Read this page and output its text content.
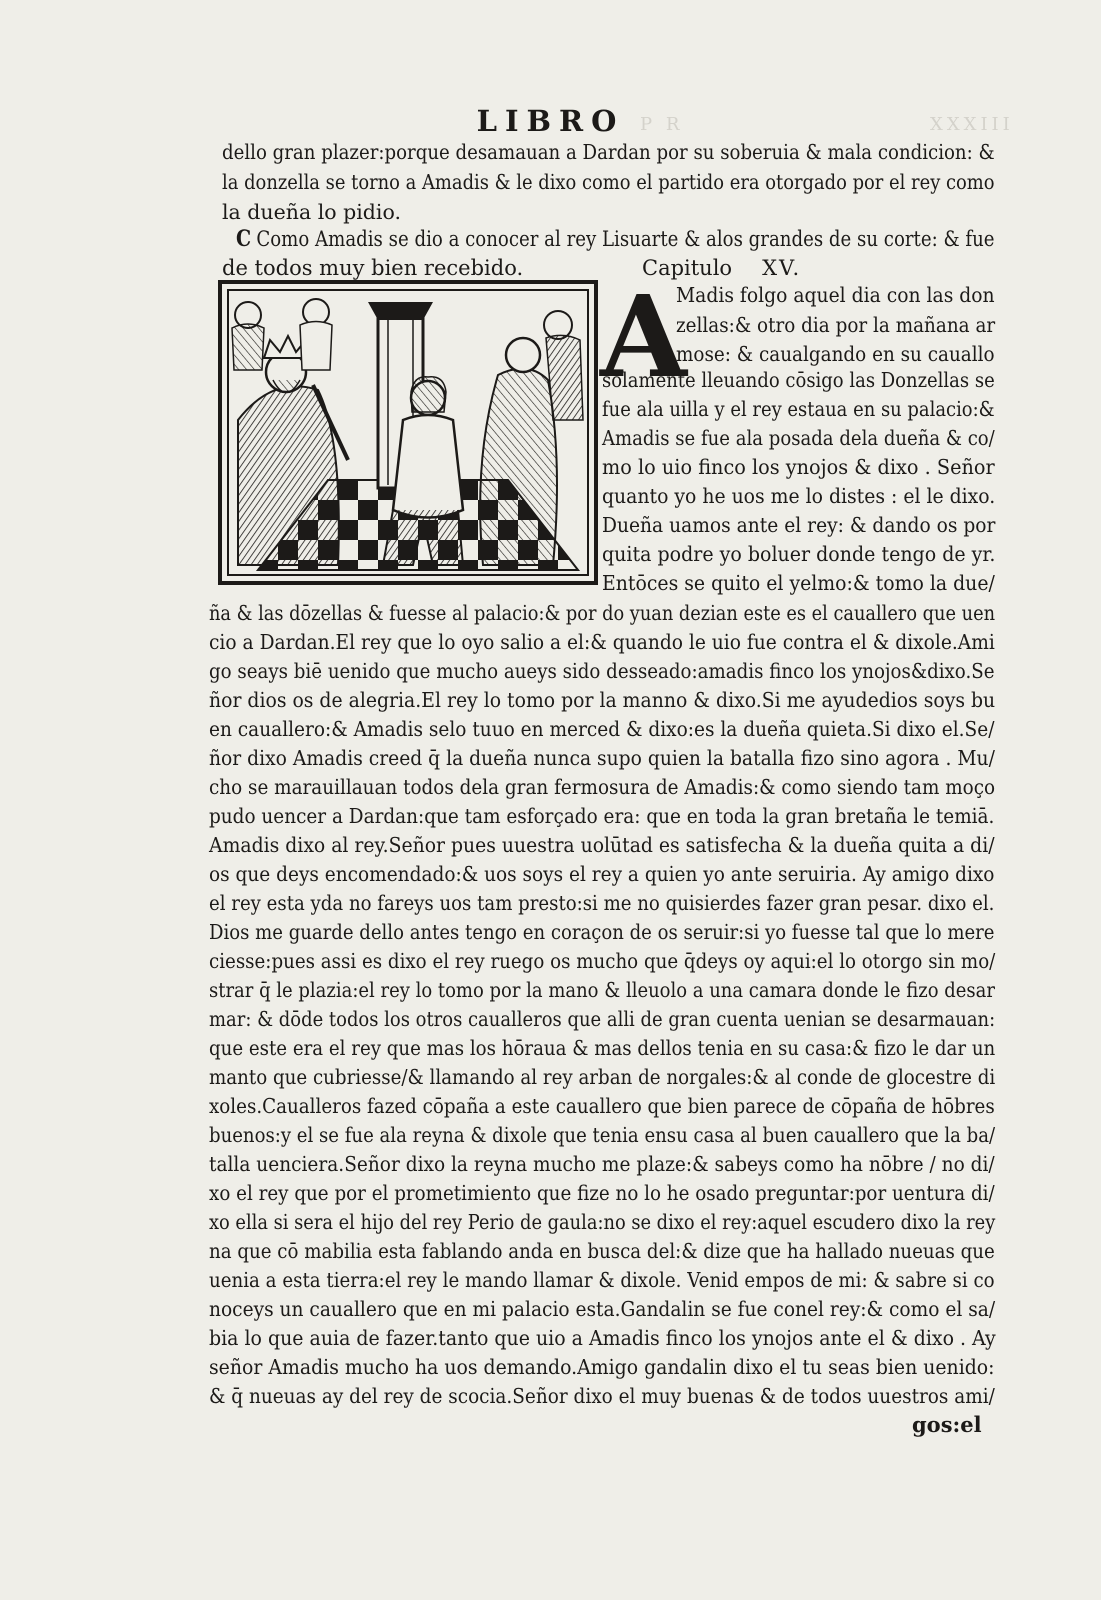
P R	XXXIII
LIBRO
dello gran plazer:porque desamauan a Dardan por su soberuia & mala condicion: &
la donzella se torno a Amadis & le dixo como el partido era otorgado por el rey como
la dueña lo pidio.
C Como Amadis se dio a conocer al rey Lisuarte & alos grandes de su corte: & fue
de todos muy bien recebido.	Capitulo XV.
A
Madis folgo aquel dia con las don
zellas:& otro dia por la mañana ar
mose: & caualgando en su cauallo
solamente lleuando cōsigo las Donzellas se
fue ala uilla y el rey estaua en su palacio:&
Amadis se fue ala posada dela dueña & co/
mo lo uio finco los ynojos & dixo . Señor
quanto yo he uos me lo distes : el le dixo.
Dueña uamos ante el rey: & dando os por
quita podre yo boluer donde tengo de yr.
Entōces se quito el yelmo:& tomo la due/
ña & las dōzellas & fuesse al palacio:& por do yuan dezian este es el cauallero que uen
cio a Dardan.El rey que lo oyo salio a el:& quando le uio fue contra el & dixole.Ami
go seays biē uenido que mucho aueys sido desseado:amadis finco los ynojos&dixo.Se
ñor dios os de alegria.El rey lo tomo por la manno & dixo.Si me ayudedios soys bu
en cauallero:& Amadis selo tuuo en merced & dixo:es la dueña quieta.Si dixo el.Se/
ñor dixo Amadis creed q̄ la dueña nunca supo quien la batalla fizo sino agora . Mu/
cho se marauillauan todos dela gran fermosura de Amadis:& como siendo tam moço
pudo uencer a Dardan:que tam esforçado era: que en toda la gran bretaña le temiā.
Amadis dixo al rey.Señor pues uuestra uolūtad es satisfecha & la dueña quita a di/
os que deys encomendado:& uos soys el rey a quien yo ante seruiria. Ay amigo dixo
el rey esta yda no fareys uos tam presto:si me no quisierdes fazer gran pesar. dixo el.
Dios me guarde dello antes tengo en coraçon de os seruir:si yo fuesse tal que lo mere
ciesse:pues assi es dixo el rey ruego os mucho que q̄deys oy aqui:el lo otorgo sin mo/
strar q̄ le plazia:el rey lo tomo por la mano & lleuolo a una camara donde le fizo desar
mar: & dōde todos los otros caualleros que alli de gran cuenta uenian se desarmauan:
que este era el rey que mas los hōraua & mas dellos tenia en su casa:& fizo le dar un
manto que cubriesse/& llamando al rey arban de norgales:& al conde de glocestre di
xoles.Caualleros fazed cōpaña a este cauallero que bien parece de cōpaña de hōbres
buenos:y el se fue ala reyna & dixole que tenia ensu casa al buen cauallero que la ba/
talla uenciera.Señor dixo la reyna mucho me plaze:& sabeys como ha nōbre / no di/
xo el rey que por el prometimiento que fize no lo he osado preguntar:por uentura di/
xo ella si sera el hijo del rey Perio de gaula:no se dixo el rey:aquel escudero dixo la rey
na que cō mabilia esta fablando anda en busca del:& dize que ha hallado nueuas que
uenia a esta tierra:el rey le mando llamar & dixole. Venid empos de mi: & sabre si co
noceys un cauallero que en mi palacio esta.Gandalin se fue conel rey:& como el sa/
bia lo que auia de fazer.tanto que uio a Amadis finco los ynojos ante el & dixo . Ay
señor Amadis mucho ha uos demando.Amigo gandalin dixo el tu seas bien uenido:
& q̄ nueuas ay del rey de scocia.Señor dixo el muy buenas & de todos uuestros ami/
gos:el
